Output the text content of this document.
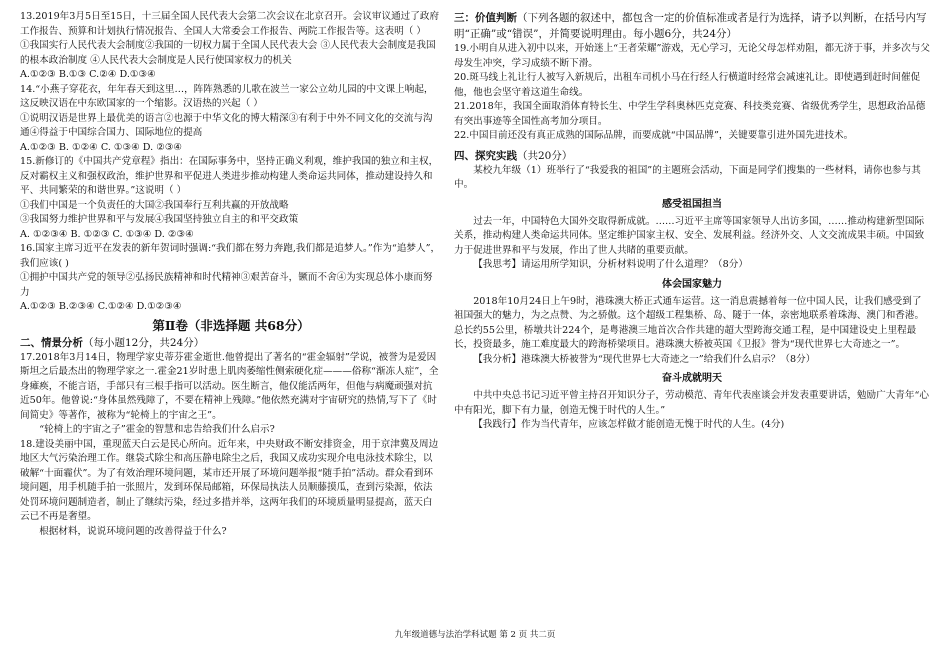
13.2019年3月5日至15日，十三届全国人民代表大会第二次会议在北京召开。会议审议通过了政府工作报告、预算和计划执行情况报告、全国人大常委会工作报告、两院工作报告等。这表明（ ）

①我国实行人民代表大会制度②我国的一切权力属于全国人民代表大会 ③人民代表大会制度是我国的根本政治制度 ④人民代表大会制度是人民行使国家权力的机关

A.①②③ B.①③ C.②④ D.①③④

14.“小燕子穿花衣，年年春天到这里…，阵阵熟悉的儿歌在波兰一家公立幼儿园的中文课上响起，这反映汉语在中东欧国家的一个缩影。汉语热的兴起（ ）

①说明汉语是世界上最优美的语言②也源于中华文化的博大精深③有利于中外不同文化的交流与沟通④得益于中国综合国力、国际地位的提高

A.①②③ B. ①②④ C. ①③④ D. ②③④

15.新修订的《中国共产党章程》指出：在国际事务中，坚持正确义利观，维护我国的独立和主权，反对霸权主义和强权政治，维护世界和平促进人类进步推动构建人类命运共同体，推动建设持久和平、共同繁荣的和谐世界。”这说明（ ）

①我们中国是一个负责任的大国②我国奉行互利共赢的开放战略

③我国努力维护世界和平与发展④我国坚持独立自主的和平交政策

A. ①②③④ B. ①②③ C. ①③④ D. ②③④

16.国家主席习近平在发表的新年贺词时强调:“我们都在努力奔跑,我们都是追梦人。”作为“追梦人”，我们应该( )

①拥护中国共产党的领导②弘扬民族精神和时代精神③艰苦奋斗，镢而不舍④为实现总体小康而努力

A.①②③ B.②③④ C.①②④ D.①②③④

第Ⅱ卷（非选择题 共68分）

二、情景分析（每小题12分，共24分）

17.2018年3月14日，物理学家史蒂芬霍金逝世.他曾提出了著名的“霍金辐射”学说，被誉为是爱因斯坦之后最杰出的物理学家之一.霍金21岁时患上肌肉萎缩性侧索硬化症———俗称“渐冻人症”，全身瘫痪，不能言语，手部只有三根手指可以活动。医生断言，他仅能活两年，但他与病魔顽强对抗近50年。他曾说:“身体虽然残障了，不要在精神上残障。”他依然充满对宇宙研究的热情,写下了《时间简史》等著作，被称为“轮椅上的宇宙之王”。

“轮椅上的宇宙之子”霍金的智慧和忠告给我们什么启示?

18.建设美丽中国，重现蓝天白云是民心所向。近年来，中央财政不断安排资金，用于京津冀及周边地区大气污染治理工作。继袋式除尘和高压静电除尘之后，我国又成功实现介电电泳技术除尘，以破解“十面霾伏”。为了有效治理环境问题，某市还开展了环境问题举报“随手拍”活动。群众看到环境问题，用手机随手拍一张照片，发到环保局邮箱，环保局执法人员顺藤摸瓜，查到污染源，依法处罚环境问题制造者，制止了继续污染，经过多措并举，这两年我们的环境质量明显提高，蓝天白云已不再是奢望。

根据材料，说说环境问题的改善得益于什么?

三：价值判断（下列各题的叙述中，都包含一定的价值标准或者是行为选择，请予以判断，在括号内写明“正确”或“错误”，并简要说明理由。每小题6分，共24分）

19.小明自从进入初中以来，开始迷上“王者荣耀”游戏，无心学习，无论父母怎样劝阻，都无济于事，并多次与父母发生冲突，学习成绩不断下滑。

20.斑马线上礼让行人被写入新规后，出租车司机小马在行经人行横道时经常会减速礼让。即使遇到赶时间催促他，他也会坚守着这道生命线。

21.2018年，我国全面取消体育特长生、中学生学科奥林匹克竞赛、科技类竞赛、省级优秀学生，思想政治品德有突出事迹等全国性高考加分项目。

22.中国目前还没有真正成熟的国际品牌，而要成就“中国品牌”，关键要靠引进外国先进技术。

四、探究实践（共20分）

某校九年级（1）班举行了“我爱我的祖国”的主题班会活动，下面是同学们搜集的一些材料，请你也参与其中。

感受祖国担当

过去一年，中国特色大国外交取得新成就。……习近平主席等国家领导人出访多国，……推动构建新型国际关系，推动构建人类命运共同体。坚定维护国家主权、安全、发展利益。经济外交、人文交流成果丰硕。中国致力于促进世界和平与发展，作出了世人共睹的重要贡献。

【我思考】请运用所学知识，分析材料说明了什么道理？（8分）

体会国家魅力

2018年10月24日上午9时，港珠澳大桥正式通车运营。这一消息震撼着每一位中国人民，让我们感受到了祖国强大的魅力，为之点赞、为之骄傲。这个超级工程集桥、岛、隧于一体，亲密地联系着珠海、澳门和香港。总长约55公里，桥墩共计224个，是粤港澳三地首次合作共建的超大型跨海交通工程，是中国建设史上里程最长，投资最多，施工难度最大的跨海桥梁项目。港珠澳大桥被英国《卫报》誉为“现代世界七大奇迹之一”。

【我分析】港珠澳大桥被誉为“现代世界七大奇迹之一”给我们什么启示？（8分）

奋斗成就明天

中共中央总书记习近平曾主持召开知识分子，劳动模范、青年代表座谈会并发表重要讲话，勉励广大青年“心中有阳光，脚下有力量，创造无愧于时代的人生。”

【我践行】作为当代青年，应该怎样做才能创造无愧于时代的人生。(4分)

九年级道德与法治学科试题 第 2 页 共二页
